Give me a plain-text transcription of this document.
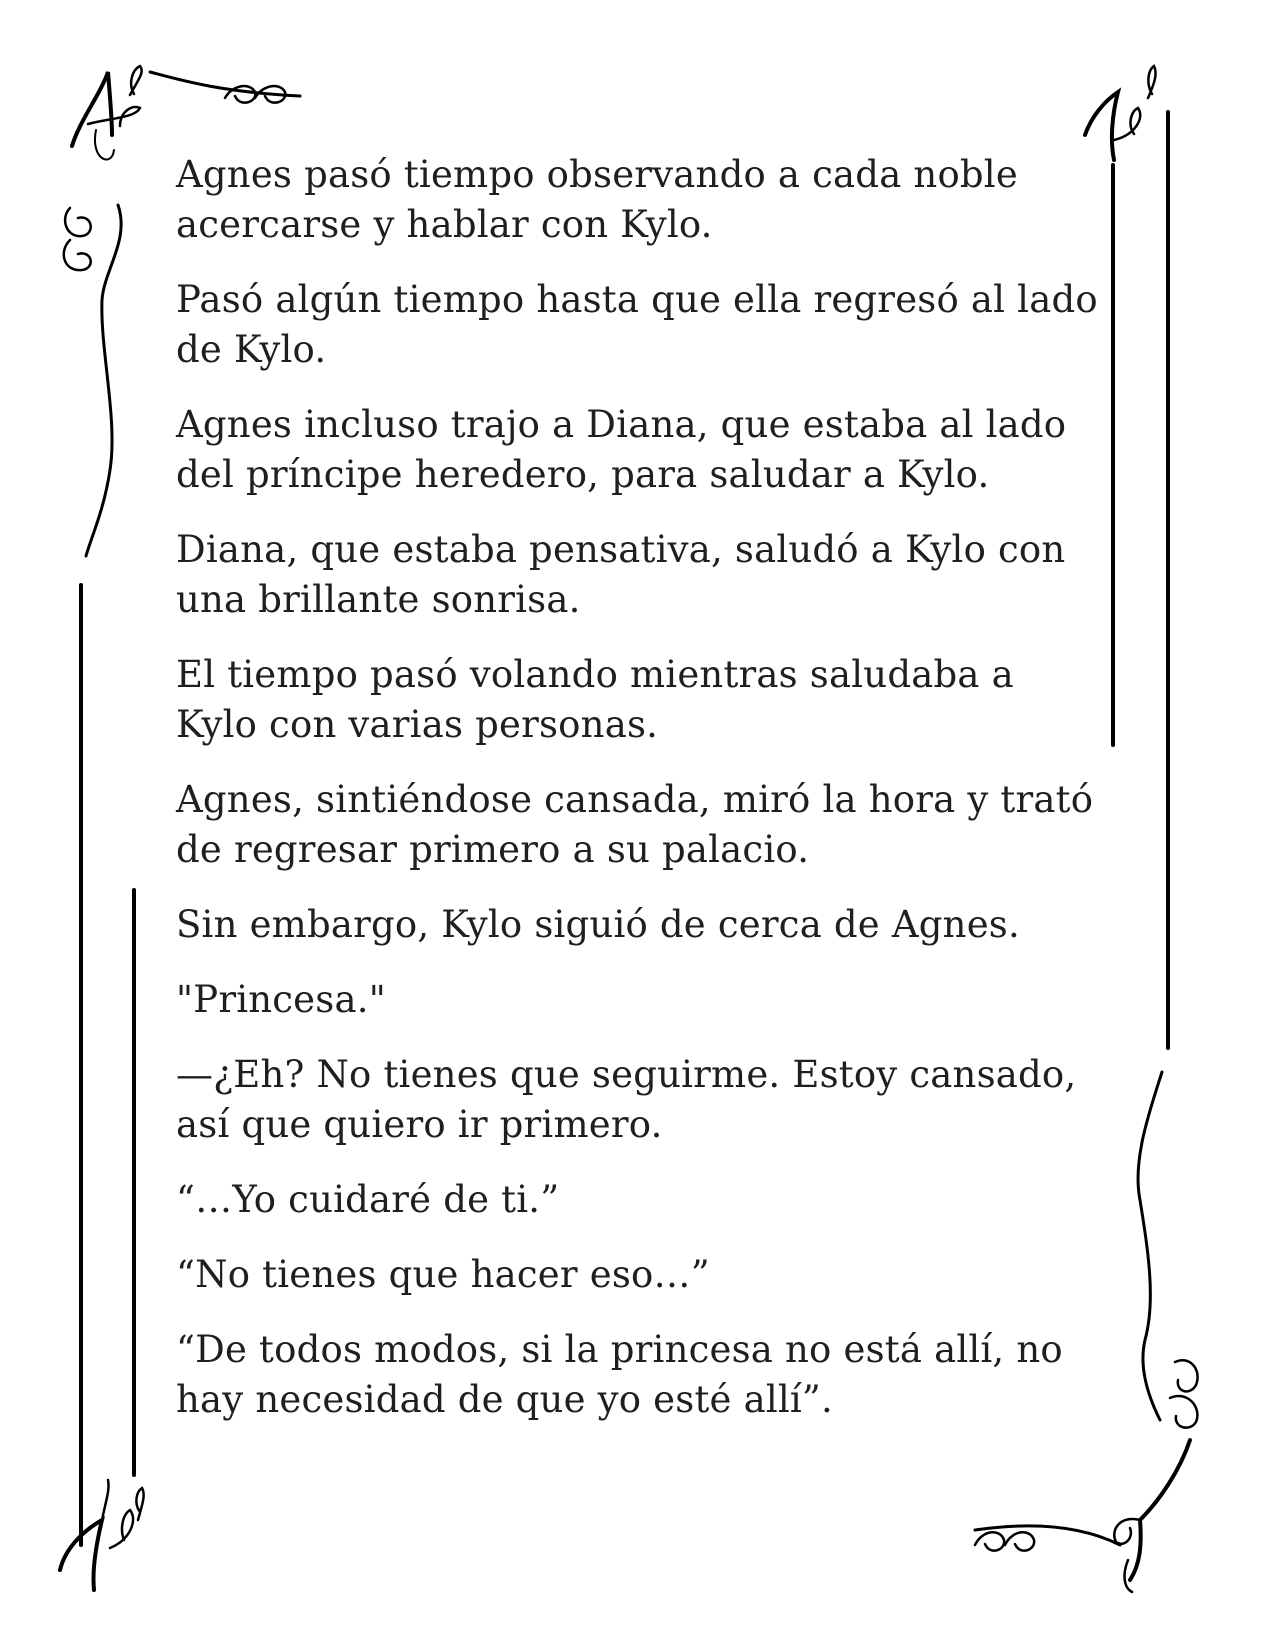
Agnes pasó tiempo observando a cada noble acercarse y hablar con Kylo.

Pasó algún tiempo hasta que ella regresó al lado de Kylo.

Agnes incluso trajo a Diana, que estaba al lado del príncipe heredero, para saludar a Kylo.

Diana, que estaba pensativa, saludó a Kylo con una brillante sonrisa.

El tiempo pasó volando mientras saludaba a Kylo con varias personas.

Agnes, sintiéndose cansada, miró la hora y trató de regresar primero a su palacio.

Sin embargo, Kylo siguió de cerca de Agnes.

"Princesa."

—¿Eh? No tienes que seguirme. Estoy cansado, así que quiero ir primero.

“…Yo cuidaré de ti.”

“No tienes que hacer eso…”

“De todos modos, si la princesa no está allí, no hay necesidad de que yo esté allí”.
